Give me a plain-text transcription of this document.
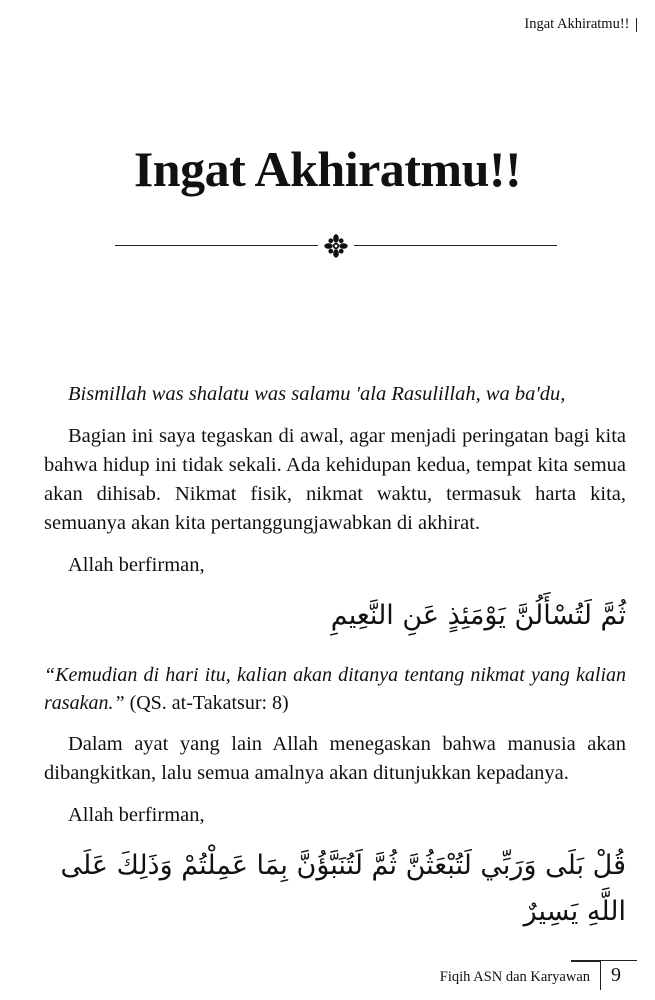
Ingat Akhiratmu!!
Ingat Akhiratmu!!

Bismillah was shalatu was salamu 'ala Rasulillah, wa ba'du,

Bagian ini saya tegaskan di awal, agar menjadi peringatan bagi kita bahwa hidup ini tidak sekali. Ada kehidupan kedua, tempat kita semua akan dihisab. Nikmat fisik, nikmat waktu, termasuk harta kita, semuanya akan kita pertanggungjawabkan di akhirat.

Allah berfirman,

ثُمَّ لَتُسْأَلُنَّ يَوْمَئِذٍ عَنِ النَّعِيمِ

“Kemudian di hari itu, kalian akan ditanya tentang nikmat yang kalian rasakan.” (QS. at-Takatsur: 8)

Dalam ayat yang lain Allah menegaskan bahwa manusia akan dibangkitkan, lalu semua amalnya akan ditunjukkan kepadanya.

Allah berfirman,

قُلْ بَلَى وَرَبِّي لَتُبْعَثُنَّ ثُمَّ لَتُنَبَّؤُنَّ بِمَا عَمِلْتُمْ وَذَلِكَ عَلَى اللَّهِ يَسِيرٌ

Fiqih ASN dan Karyawan	9
